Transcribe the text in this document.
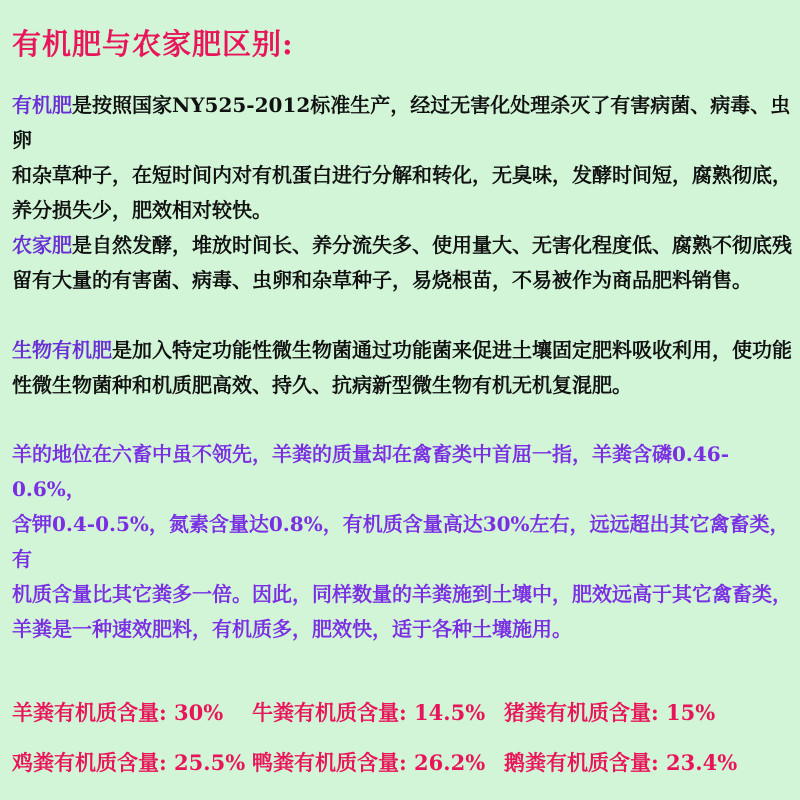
有机肥与农家肥区别:
有机肥是按照国家NY525-2012标准生产，经过无害化处理杀灭了有害病菌、病毒、虫卵
和杂草种子，在短时间内对有机蛋白进行分解和转化，无臭味，发酵时间短，腐熟彻底，
养分损失少，肥效相对较快。
农家肥是自然发酵，堆放时间长、养分流失多、使用量大、无害化程度低、腐熟不彻底残
留有大量的有害菌、病毒、虫卵和杂草种子，易烧根苗，不易被作为商品肥料销售。
生物有机肥是加入特定功能性微生物菌通过功能菌来促进土壤固定肥料吸收利用，使功能
性微生物菌种和机质肥高效、持久、抗病新型微生物有机无机复混肥。
羊的地位在六畜中虽不领先，羊粪的质量却在禽畜类中首屈一指，羊粪含磷0.46-0.6%，
含钾0.4-0.5%，氮素含量达0.8%，有机质含量高达30%左右，远远超出其它禽畜类，有
机质含量比其它粪多一倍。因此，同样数量的羊粪施到土壤中，肥效远高于其它禽畜类，
羊粪是一种速效肥料，有机质多，肥效快，适于各种土壤施用。
羊粪有机质含量: 30%	牛粪有机质含量: 14.5% 猪粪有机质含量: 15%
鸡粪有机质含量: 25.5% 鸭粪有机质含量: 26.2% 鹅粪有机质含量: 23.4%
